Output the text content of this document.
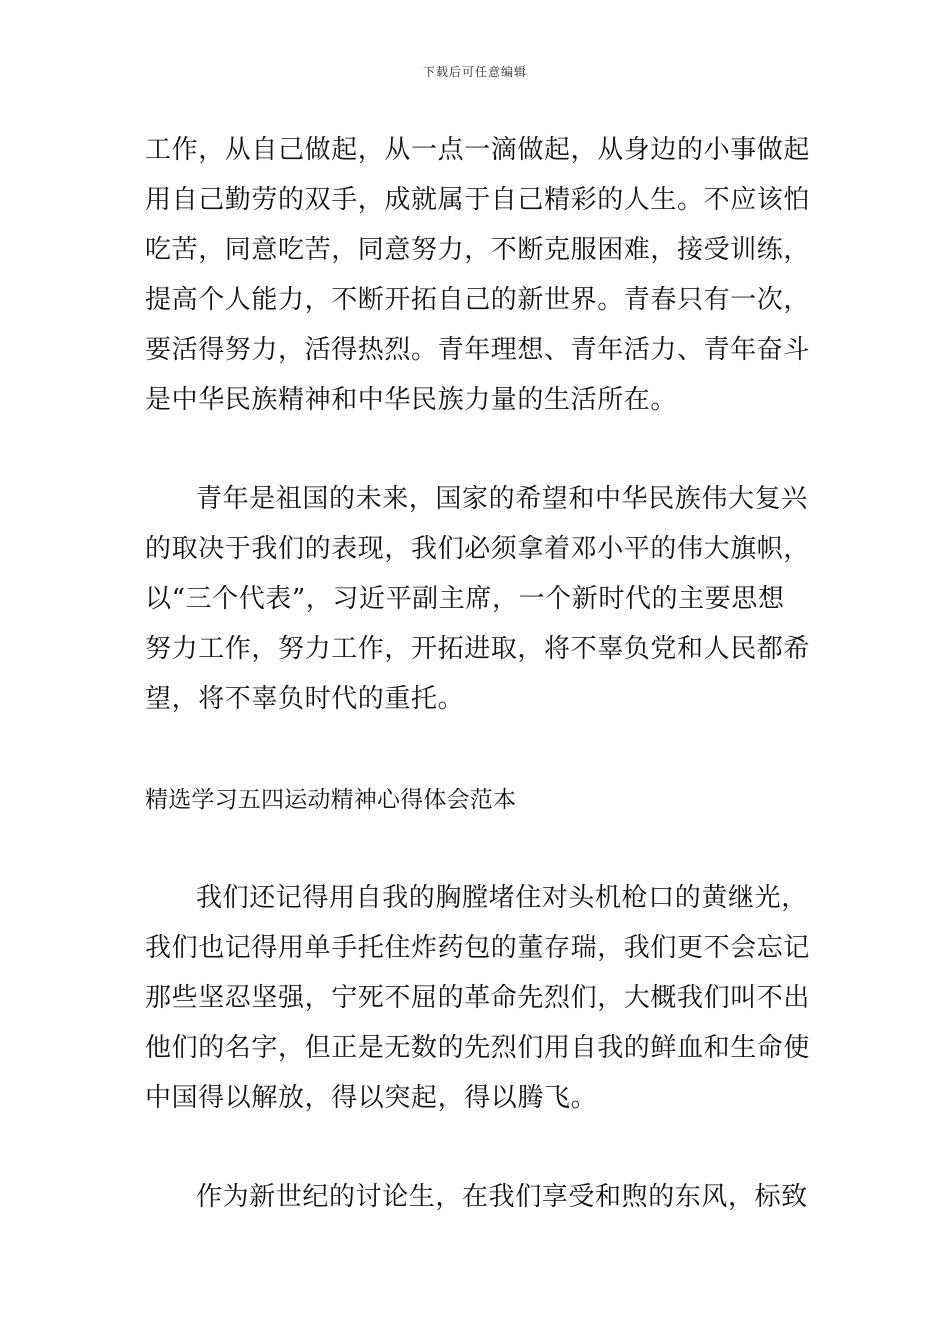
下载后可任意编辑
工作，从自己做起，从一点一滴做起，从身边的小事做起
用自己勤劳的双手，成就属于自己精彩的人生。不应该怕
吃苦，同意吃苦，同意努力，不断克服困难，接受训练，
提高个人能力，不断开拓自己的新世界。青春只有一次，
要活得努力，活得热烈。青年理想、青年活力、青年奋斗
是中华民族精神和中华民族力量的生活所在。
青年是祖国的未来，国家的希望和中华民族伟大复兴
的取决于我们的表现，我们必须拿着邓小平的伟大旗帜，
以“三个代表”，习近平副主席，一个新时代的主要思想
努力工作，努力工作，开拓进取，将不辜负党和人民都希
望，将不辜负时代的重托。
精选学习五四运动精神心得体会范本
我们还记得用自我的胸膛堵住对头机枪口的黄继光，
我们也记得用单手托住炸药包的董存瑞，我们更不会忘记
那些坚忍坚强，宁死不屈的革命先烈们，大概我们叫不出
他们的名字，但正是无数的先烈们用自我的鲜血和生命使
中国得以解放，得以突起，得以腾飞。
作为新世纪的讨论生，在我们享受和煦的东风，标致
